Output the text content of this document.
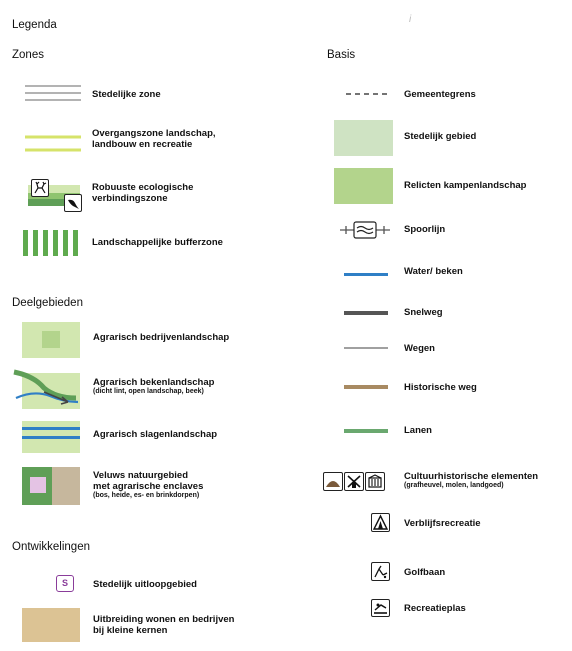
Legenda	i
Zones	Basis
Deelgebieden
Ontwikkelingen
Stedelijke zone
Overgangszone landschap,
landbouw en recreatie
Robuuste ecologische
verbindingszone
Landschappelijke bufferzone
Agrarisch bedrijvenlandschap
Agrarisch bekenlandschap
(dicht lint, open landschap, beek)
Agrarisch slagenlandschap
Veluws natuurgebied
met agrarische enclaves
(bos, heide, es- en brinkdorpen)
S	Stedelijk uitloopgebied
Uitbreiding wonen en bedrijven
bij kleine kernen
Gemeentegrens
Stedelijk gebied
Relicten kampenlandschap
Spoorlijn
Water/ beken
Snelweg
Wegen
Historische weg
Lanen
Cultuurhistorische elementen
(grafheuvel, molen, landgoed)
Verblijfsrecreatie
Golfbaan
Recreatieplas
